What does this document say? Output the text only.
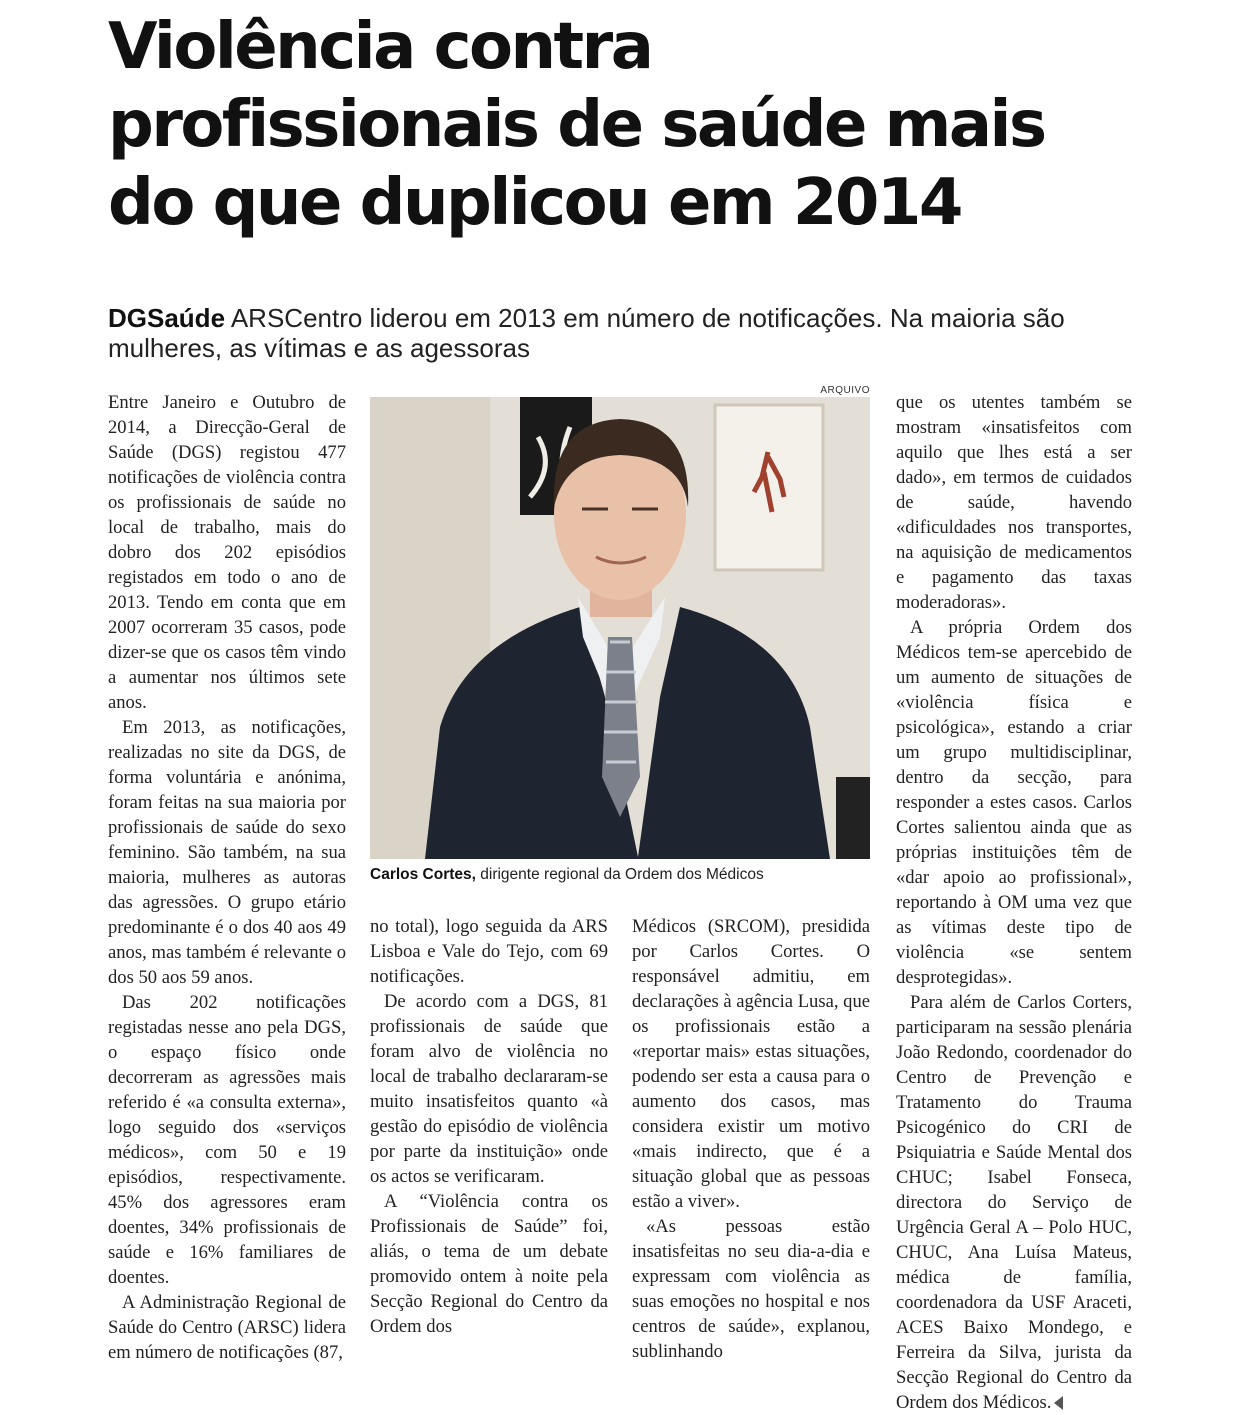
Violência contra
profissionais de saúde mais
do que duplicou em 2014
DGSaúde ARSCentro liderou em 2013 em número de notificações. Na maioria são mulheres, as vítimas e as agessoras

Entre Janeiro e Outubro de 2014, a Direcção-Geral de Saúde (DGS) registou 477 notificações de violência contra os profissionais de saúde no local de trabalho, mais do dobro dos 202 episódios registados em todo o ano de 2013. Tendo em conta que em 2007 ocorreram 35 casos, pode dizer-se que os casos têm vindo a aumentar nos últimos sete anos.

Em 2013, as notificações, realizadas no site da DGS, de forma voluntária e anónima, foram feitas na sua maioria por profissionais de saúde do sexo feminino. São também, na sua maioria, mulheres as autoras das agressões. O grupo etário predominante é o dos 40 aos 49 anos, mas também é relevante o dos 50 aos 59 anos.

Das 202 notificações registadas nesse ano pela DGS, o espaço físico onde decorreram as agressões mais referido é «a consulta externa», logo seguido dos «serviços médicos», com 50 e 19 episódios, respectivamente. 45% dos agressores eram doentes, 34% profissionais de saúde e 16% familiares de doentes.

A Administração Regional de Saúde do Centro (ARSC) lidera em número de notificações (87,

ARQUIVO
Carlos Cortes, dirigente regional da Ordem dos Médicos

no total), logo seguida da ARS Lisboa e Vale do Tejo, com 69 notificações.

De acordo com a DGS, 81 profissionais de saúde que foram alvo de violência no local de trabalho declararam-se muito insatisfeitos quanto «à gestão do episódio de violência por parte da instituição» onde os actos se verificaram.

A “Violência contra os Profissionais de Saúde” foi, aliás, o tema de um debate promovido ontem à noite pela Secção Regional do Centro da Ordem dos

Médicos (SRCOM), presidida por Carlos Cortes. O responsável admitiu, em declarações à agência Lusa, que os profissionais estão a «reportar mais» estas situações, podendo ser esta a causa para o aumento dos casos, mas considera existir um motivo «mais indirecto, que é a situação global que as pessoas estão a viver».

«As pessoas estão insatisfeitas no seu dia-a-dia e expressam com violência as suas emoções no hospital e nos centros de saúde», explanou, sublinhando

que os utentes também se mostram «insatisfeitos com aquilo que lhes está a ser dado», em termos de cuidados de saúde, havendo «dificuldades nos transportes, na aquisição de medicamentos e pagamento das taxas moderadoras».

A própria Ordem dos Médicos tem-se apercebido de um aumento de situações de «violência física e psicológica», estando a criar um grupo multidisciplinar, dentro da secção, para responder a estes casos. Carlos Cortes salientou ainda que as próprias instituições têm de «dar apoio ao profissional», reportando à OM uma vez que as vítimas deste tipo de violência «se sentem desprotegidas».

Para além de Carlos Corters, participaram na sessão plenária João Redondo, coordenador do Centro de Prevenção e Tratamento do Trauma Psicogénico do CRI de Psiquiatria e Saúde Mental dos CHUC; Isabel Fonseca, directora do Serviço de Urgência Geral A – Polo HUC, CHUC, Ana Luísa Mateus, médica de família, coordenadora da USF Araceti, ACES Baixo Mondego, e Ferreira da Silva, jurista da Secção Regional do Centro da Ordem dos Médicos.
